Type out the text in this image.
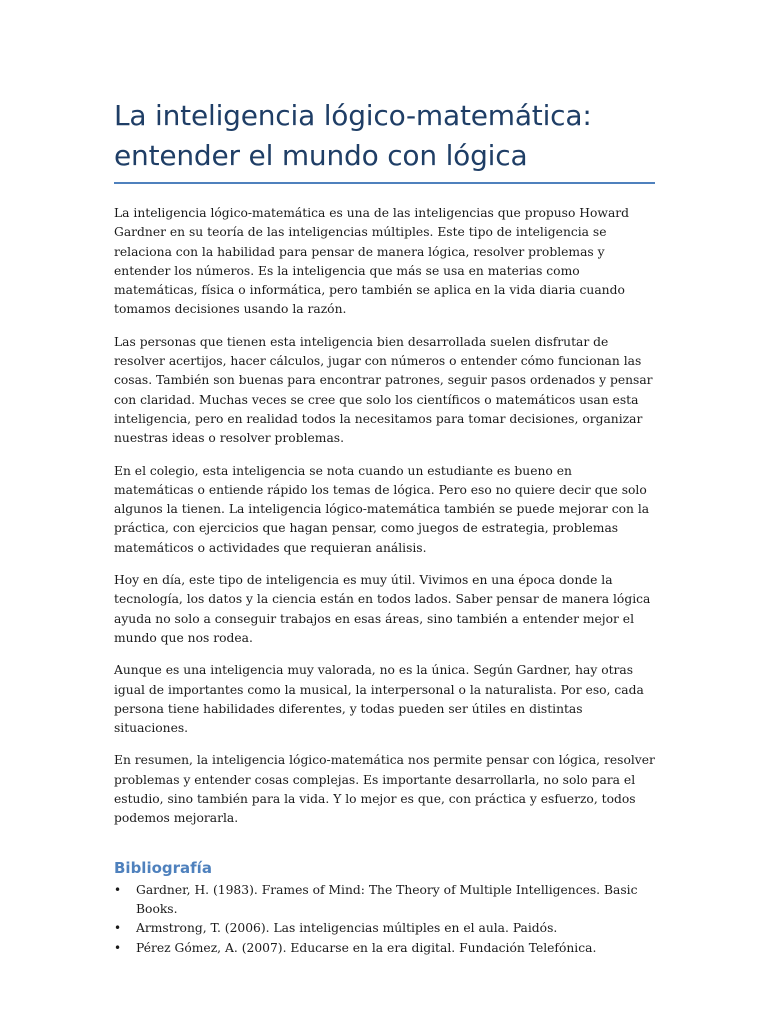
La inteligencia lógico-matemática: entender el mundo con lógica

La inteligencia lógico-matemática es una de las inteligencias que propuso Howard Gardner en su teoría de las inteligencias múltiples. Este tipo de inteligencia se relaciona con la habilidad para pensar de manera lógica, resolver problemas y entender los números. Es la inteligencia que más se usa en materias como matemáticas, física o informática, pero también se aplica en la vida diaria cuando tomamos decisiones usando la razón.

Las personas que tienen esta inteligencia bien desarrollada suelen disfrutar de resolver acertijos, hacer cálculos, jugar con números o entender cómo funcionan las cosas. También son buenas para encontrar patrones, seguir pasos ordenados y pensar con claridad. Muchas veces se cree que solo los científicos o matemáticos usan esta inteligencia, pero en realidad todos la necesitamos para tomar decisiones, organizar nuestras ideas o resolver problemas.

En el colegio, esta inteligencia se nota cuando un estudiante es bueno en matemáticas o entiende rápido los temas de lógica. Pero eso no quiere decir que solo algunos la tienen. La inteligencia lógico-matemática también se puede mejorar con la práctica, con ejercicios que hagan pensar, como juegos de estrategia, problemas matemáticos o actividades que requieran análisis.

Hoy en día, este tipo de inteligencia es muy útil. Vivimos en una época donde la tecnología, los datos y la ciencia están en todos lados. Saber pensar de manera lógica ayuda no solo a conseguir trabajos en esas áreas, sino también a entender mejor el mundo que nos rodea.

Aunque es una inteligencia muy valorada, no es la única. Según Gardner, hay otras igual de importantes como la musical, la interpersonal o la naturalista. Por eso, cada persona tiene habilidades diferentes, y todas pueden ser útiles en distintas situaciones.

En resumen, la inteligencia lógico-matemática nos permite pensar con lógica, resolver problemas y entender cosas complejas. Es importante desarrollarla, no solo para el estudio, sino también para la vida. Y lo mejor es que, con práctica y esfuerzo, todos podemos mejorarla.

Bibliografía
• Gardner, H. (1983). Frames of Mind: The Theory of Multiple Intelligences. Basic Books.
• Armstrong, T. (2006). Las inteligencias múltiples en el aula. Paidós.
• Pérez Gómez, A. (2007). Educarse en la era digital. Fundación Telefónica.
